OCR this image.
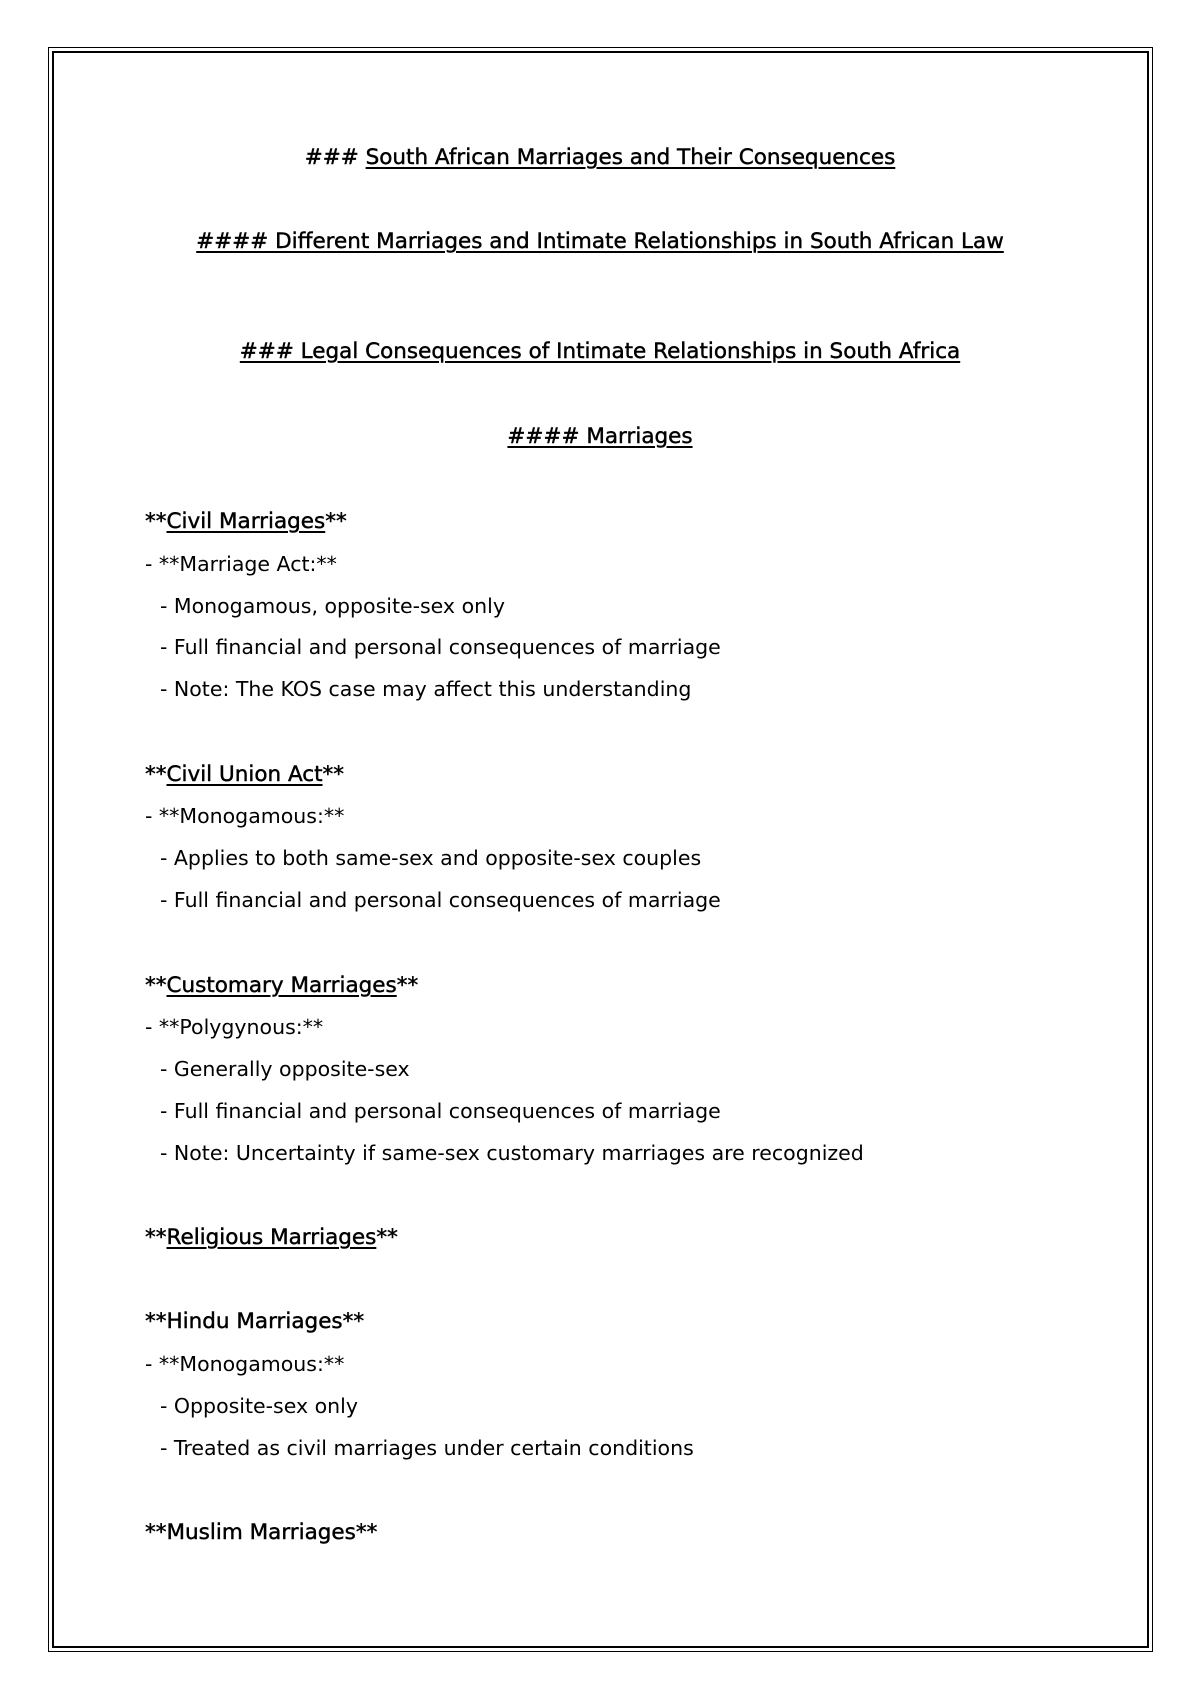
### South African Marriages and Their Consequences

#### Different Marriages and Intimate Relationships in South African Law

### Legal Consequences of Intimate Relationships in South Africa

#### Marriages

**Civil Marriages**

- **Marriage Act:**

- Monogamous, opposite-sex only

- Full financial and personal consequences of marriage

- Note: The KOS case may affect this understanding

**Civil Union Act**

- **Monogamous:**

- Applies to both same-sex and opposite-sex couples

- Full financial and personal consequences of marriage

**Customary Marriages**

- **Polygynous:**

- Generally opposite-sex

- Full financial and personal consequences of marriage

- Note: Uncertainty if same-sex customary marriages are recognized

**Religious Marriages**

**Hindu Marriages**

- **Monogamous:**

- Opposite-sex only

- Treated as civil marriages under certain conditions

**Muslim Marriages**
